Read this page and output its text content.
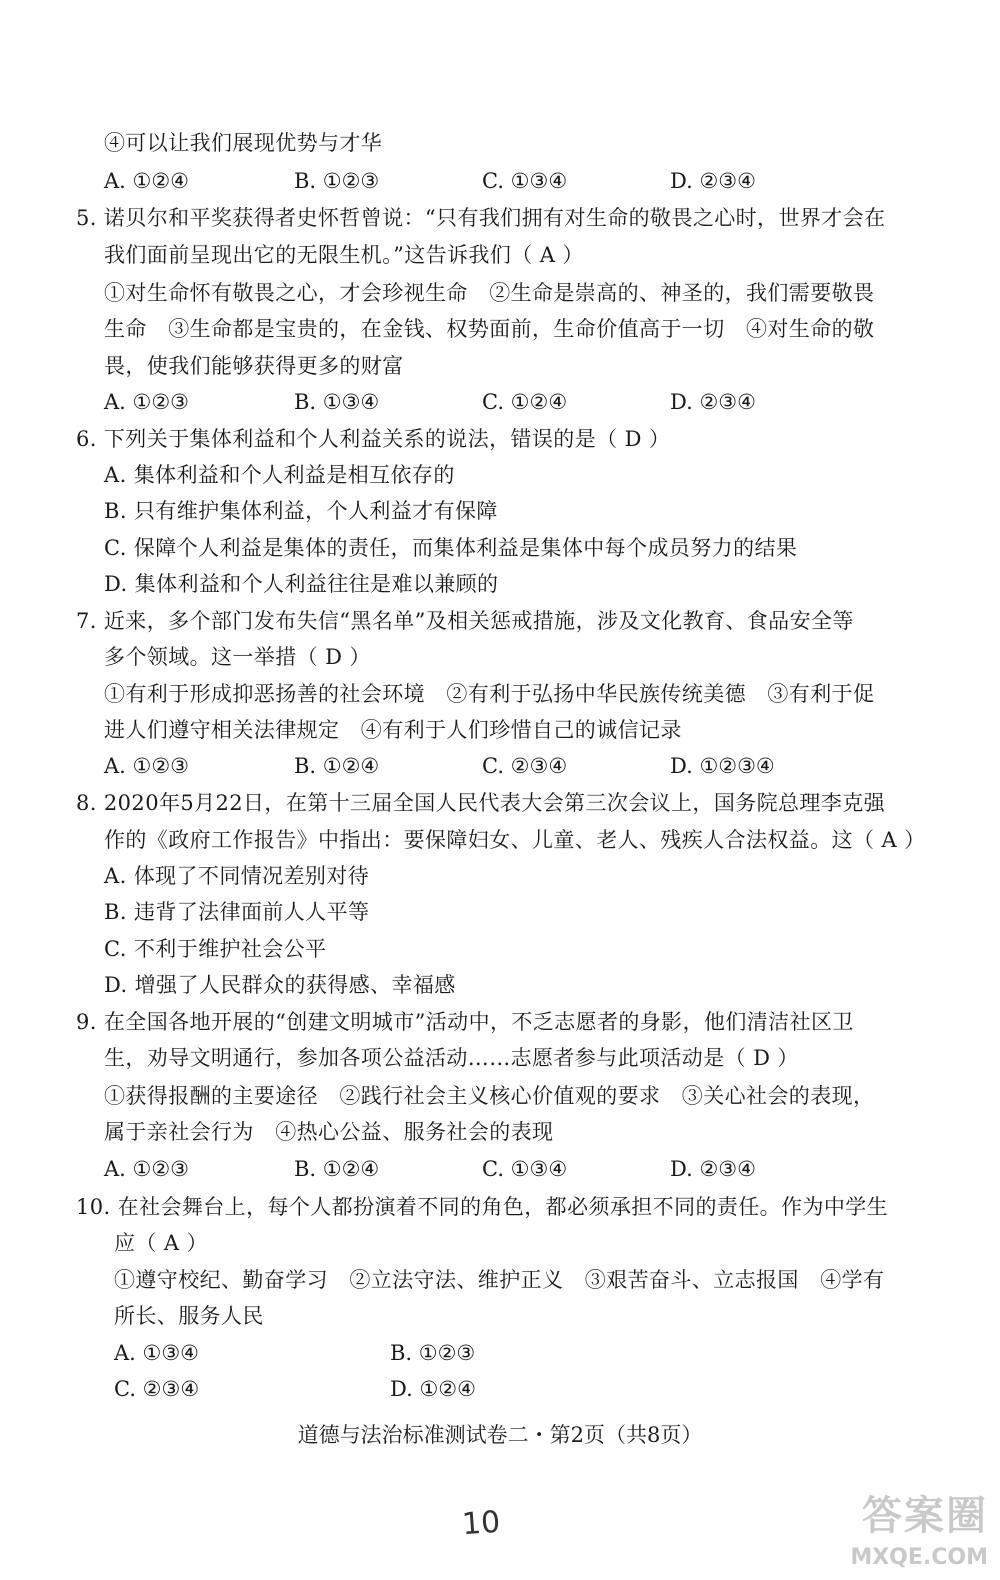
④可以让我们展现优势与才华
A. ①②④	B. ①②③	C. ①③④	D. ②③④
5. 诺贝尔和平奖获得者史怀哲曾说：“只有我们拥有对生命的敬畏之心时，世界才会在
我们面前呈现出它的无限生机。”这告诉我们（ A ）
①对生命怀有敬畏之心，才会珍视生命　②生命是崇高的、神圣的，我们需要敬畏
生命　③生命都是宝贵的，在金钱、权势面前，生命价值高于一切　④对生命的敬
畏，使我们能够获得更多的财富
A. ①②③	B. ①③④	C. ①②④	D. ②③④
6. 下列关于集体利益和个人利益关系的说法，错误的是（ D ）
A. 集体利益和个人利益是相互依存的
B. 只有维护集体利益，个人利益才有保障
C. 保障个人利益是集体的责任，而集体利益是集体中每个成员努力的结果
D. 集体利益和个人利益往往是难以兼顾的
7. 近来，多个部门发布失信“黑名单”及相关惩戒措施，涉及文化教育、食品安全等
多个领域。这一举措（ D ）
①有利于形成抑恶扬善的社会环境　②有利于弘扬中华民族传统美德　③有利于促
进人们遵守相关法律规定　④有利于人们珍惜自己的诚信记录
A. ①②③	B. ①②④	C. ②③④	D. ①②③④
8. 2020年5月22日，在第十三届全国人民代表大会第三次会议上，国务院总理李克强
作的《政府工作报告》中指出：要保障妇女、儿童、老人、残疾人合法权益。这（ A ）
A. 体现了不同情况差别对待
B. 违背了法律面前人人平等
C. 不利于维护社会公平
D. 增强了人民群众的获得感、幸福感
9. 在全国各地开展的“创建文明城市”活动中，不乏志愿者的身影，他们清洁社区卫
生，劝导文明通行，参加各项公益活动……志愿者参与此项活动是（ D ）
①获得报酬的主要途径　②践行社会主义核心价值观的要求　③关心社会的表现，
属于亲社会行为　④热心公益、服务社会的表现
A. ①②③	B. ①②④	C. ①③④	D. ②③④
10. 在社会舞台上，每个人都扮演着不同的角色，都必须承担不同的责任。作为中学生
应（ A ）
①遵守校纪、勤奋学习　②立法守法、维护正义　③艰苦奋斗、立志报国　④学有
所长、服务人民
A. ①③④	B. ①②③
C. ②③④	D. ①②④
道德与法治标准测试卷二・第2页（共8页）
10	答案圈
MXQE.COM
